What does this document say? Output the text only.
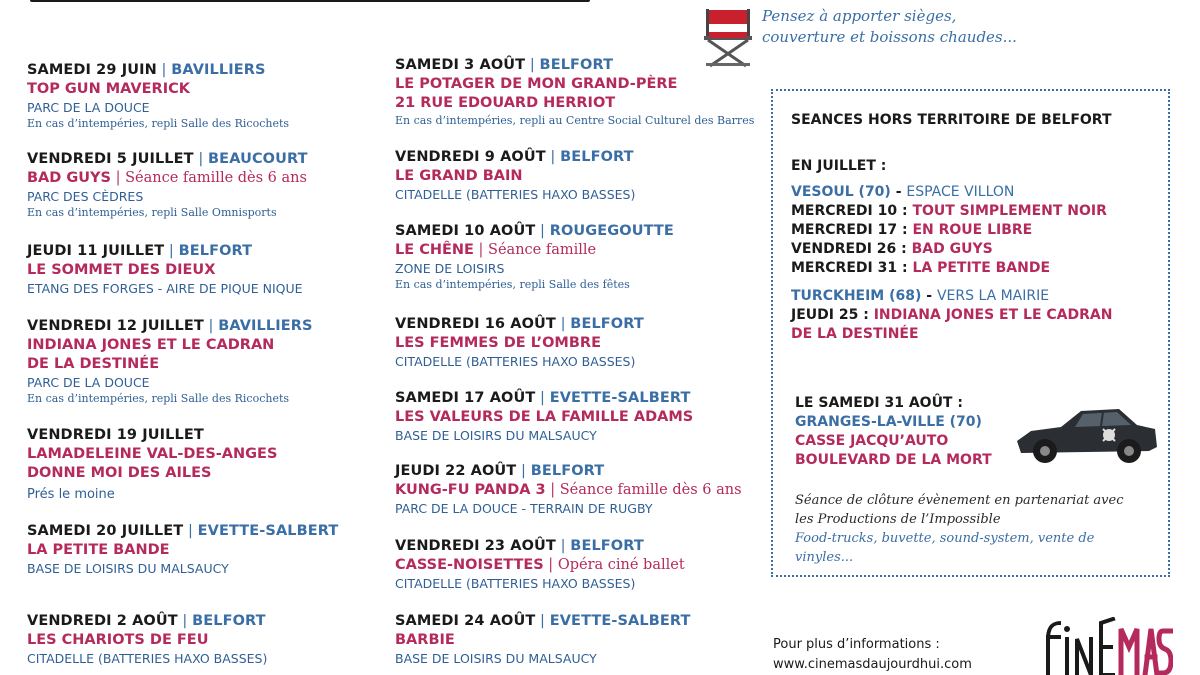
SAMEDI 29 JUIN | BAVILLIERS
TOP GUN MAVERICK
PARC DE LA DOUCE
En cas d’intempéries, repli Salle des Ricochets
VENDREDI 5 JUILLET | BEAUCOURT
BAD GUYS | Séance famille dès 6 ans
PARC DES CÈDRES
En cas d’intempéries, repli Salle Omnisports
JEUDI 11 JUILLET | BELFORT
LE SOMMET DES DIEUX
ETANG DES FORGES - AIRE DE PIQUE NIQUE
VENDREDI 12 JUILLET | BAVILLIERS
INDIANA JONES ET LE CADRAN
DE LA DESTINÉE
PARC DE LA DOUCE
En cas d’intempéries, repli Salle des Ricochets
VENDREDI 19 JUILLET
LAMADELEINE VAL-DES-ANGES
DONNE MOI DES AILES
Prés le moine
SAMEDI 20 JUILLET | EVETTE-SALBERT
LA PETITE BANDE
BASE DE LOISIRS DU MALSAUCY
VENDREDI 2 AOÛT | BELFORT
LES CHARIOTS DE FEU
CITADELLE (BATTERIES HAXO BASSES)
SAMEDI 3 AOÛT | BELFORT
LE POTAGER DE MON GRAND-PÈRE
21 RUE EDOUARD HERRIOT
En cas d’intempéries, repli au Centre Social Culturel des Barres
VENDREDI 9 AOÛT | BELFORT
LE GRAND BAIN
CITADELLE (BATTERIES HAXO BASSES)
SAMEDI 10 AOÛT | ROUGEGOUTTE
LE CHÊNE | Séance famille
ZONE DE LOISIRS
En cas d’intempéries, repli Salle des fêtes
VENDREDI 16 AOÛT | BELFORT
LES FEMMES DE L’OMBRE
CITADELLE (BATTERIES HAXO BASSES)
SAMEDI 17 AOÛT | EVETTE-SALBERT
LES VALEURS DE LA FAMILLE ADAMS
BASE DE LOISIRS DU MALSAUCY
JEUDI 22 AOÛT | BELFORT
KUNG-FU PANDA 3 | Séance famille dès 6 ans
PARC DE LA DOUCE - TERRAIN DE RUGBY
VENDREDI 23 AOÛT | BELFORT
CASSE-NOISETTES | Opéra ciné ballet
CITADELLE (BATTERIES HAXO BASSES)
SAMEDI 24 AOÛT | EVETTE-SALBERT
BARBIE
BASE DE LOISIRS DU MALSAUCY
Pensez à apporter sièges,
couverture et boissons chaudes...
SEANCES HORS TERRITOIRE DE BELFORT
EN JUILLET :
VESOUL (70) - ESPACE VILLON
MERCREDI 10 : TOUT SIMPLEMENT NOIR
MERCREDI 17 : EN ROUE LIBRE
VENDREDI 26 : BAD GUYS
MERCREDI 31 : LA PETITE BANDE
TURCKHEIM (68) - VERS LA MAIRIE
JEUDI 25 : INDIANA JONES ET LE CADRAN
DE LA DESTINÉE
LE SAMEDI 31 AOÛT :
GRANGES-LA-VILLE (70)
CASSE JACQU’AUTO
BOULEVARD DE LA MORT
Séance de clôture évènement en partenariat avec les Productions de l’Impossible
Food-trucks, buvette, sound-system, vente de vinyles...
Pour plus d’informations :
www.cinemasdaujourdhui.com
